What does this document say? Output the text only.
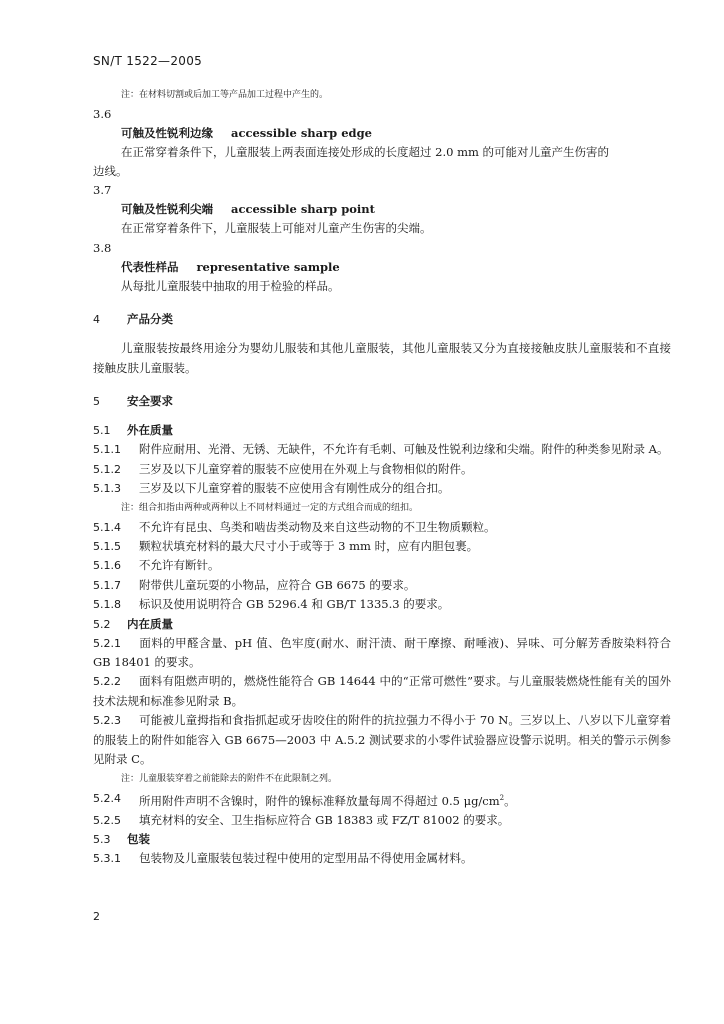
SN/T 1522—2005

注：在材料切割或后加工等产品加工过程中产生的。

3.6

可触及性锐利边缘 accessible sharp edge

在正常穿着条件下，儿童服装上两表面连接处形成的长度超过 2.0 mm 的可能对儿童产生伤害的

边线。

3.7

可触及性锐利尖端 accessible sharp point

在正常穿着条件下，儿童服装上可能对儿童产生伤害的尖端。

3.8

代表性样品 representative sample

从每批儿童服装中抽取的用于检验的样品。

4 产品分类

儿童服装按最终用途分为婴幼儿服装和其他儿童服装，其他儿童服装又分为直接接触皮肤儿童服装和不直接接触皮肤儿童服装。

5 安全要求

5.1 外在质量

5.1.1 附件应耐用、光滑、无锈、无缺件，不允许有毛刺、可触及性锐利边缘和尖端。附件的种类参见附录 A。

5.1.2 三岁及以下儿童穿着的服装不应使用在外观上与食物相似的附件。

5.1.3 三岁及以下儿童穿着的服装不应使用含有刚性成分的组合扣。

注：组合扣指由两种或两种以上不同材料通过一定的方式组合而成的纽扣。

5.1.4 不允许有昆虫、鸟类和啮齿类动物及来自这些动物的不卫生物质颗粒。

5.1.5 颗粒状填充材料的最大尺寸小于或等于 3 mm 时，应有内胆包裹。

5.1.6 不允许有断针。

5.1.7 附带供儿童玩耍的小物品，应符合 GB 6675 的要求。

5.1.8 标识及使用说明符合 GB 5296.4 和 GB/T 1335.3 的要求。

5.2 内在质量

5.2.1 面料的甲醛含量、pH 值、色牢度(耐水、耐汗渍、耐干摩擦、耐唾液)、异味、可分解芳香胺染料符合 GB 18401 的要求。

5.2.2 面料有阻燃声明的，燃烧性能符合 GB 14644 中的“正常可燃性”要求。与儿童服装燃烧性能有关的国外技术法规和标准参见附录 B。

5.2.3 可能被儿童拇指和食指抓起或牙齿咬住的附件的抗拉强力不得小于 70 N。三岁以上、八岁以下儿童穿着的服装上的附件如能容入 GB 6675—2003 中 A.5.2 测试要求的小零件试验器应设警示说明。相关的警示示例参见附录 C。

注：儿童服装穿着之前能除去的附件不在此限制之列。

5.2.4 所用附件声明不含镍时，附件的镍标准释放量每周不得超过 0.5 $\mu g/cm^2$。

5.2.5 填充材料的安全、卫生指标应符合 GB 18383 或 FZ/T 81002 的要求。

5.3 包装

5.3.1 包装物及儿童服装包装过程中使用的定型用品不得使用金属材料。

2
